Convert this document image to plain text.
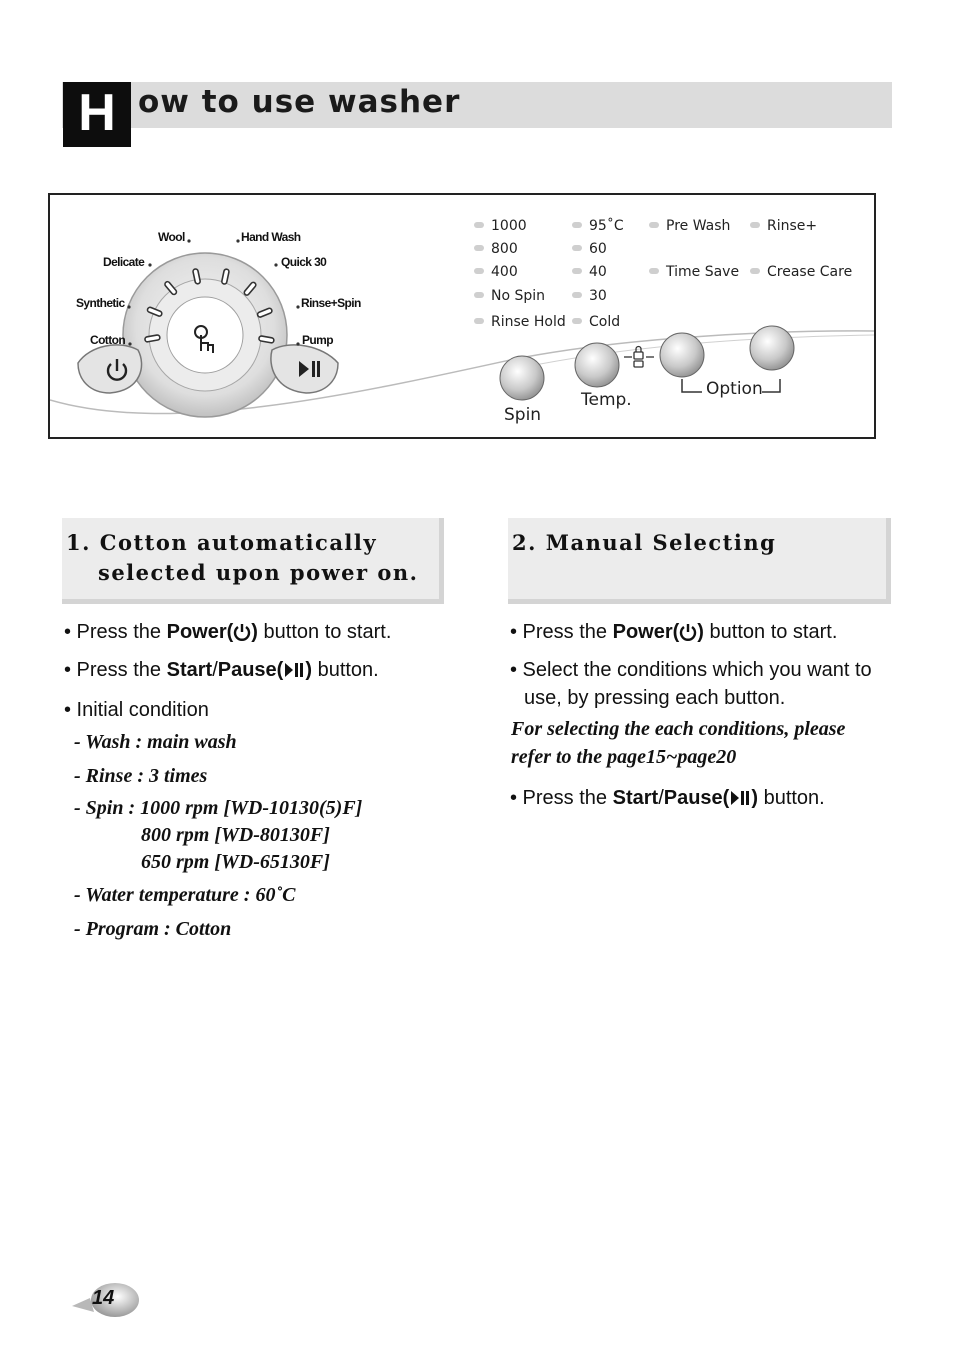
H ow to use washer
Wool	Hand Wash
Delicate	Quick 30
Synthetic	Rinse+Spin
Cotton	Pump
1000
800
400
No Spin
Rinse Hold
95˚C
60
40
30
Cold
Pre Wash
Time Save
Rinse+
Crease Care
Spin
Temp.
Option
1. Cotton automatically
selected upon power on.
• Press the Power( ) button to start.
• Press the Start/Pause( ) button.
• Initial condition
- Wash : main wash
- Rinse : 3 times
- Spin : 1000 rpm [WD-10130(5)F]
800 rpm [WD-80130F]
650 rpm [WD-65130F]
- Water temperature : 60˚C
- Program : Cotton
2. Manual Selecting
• Press the Power( ) button to start.
• Select the conditions which you want to
use, by pressing each button.
For selecting the each conditions, please
refer to the page15~page20
• Press the Start/Pause( ) button.
14
